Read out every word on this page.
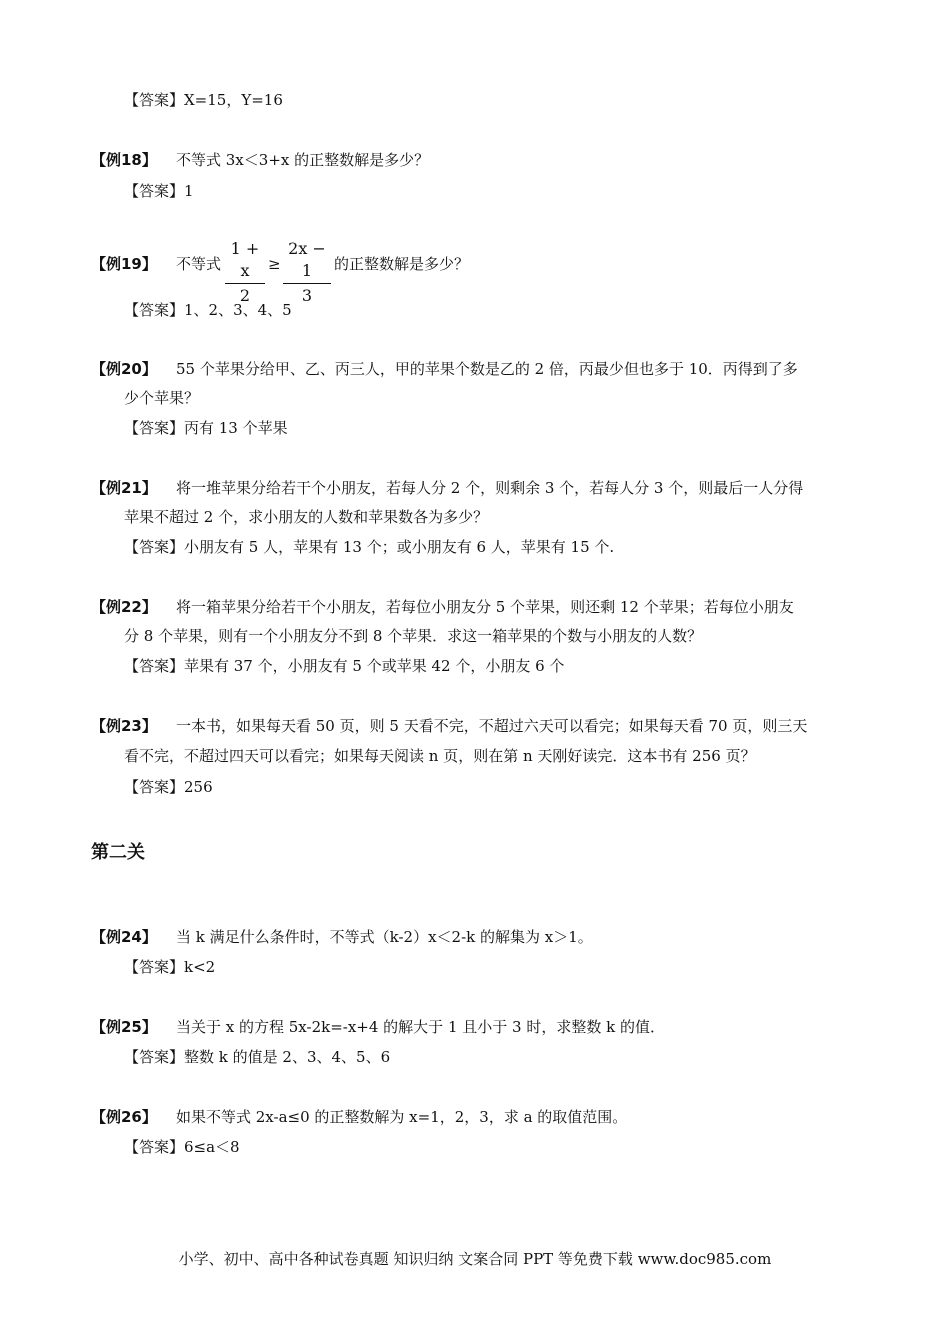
【答案】X=15，Y=16
【例18】 不等式 3x＜3+x 的正整数解是多少？
【答案】1
【例19】 不等式
1 + x
2
≥
2x − 1
3
的正整数解是多少？
【答案】1、2、3、4、5
【例20】 55 个苹果分给甲、乙、丙三人，甲的苹果个数是乙的 2 倍，丙最少但也多于 10．丙得到了多
少个苹果？
【答案】丙有 13 个苹果
【例21】 将一堆苹果分给若干个小朋友，若每人分 2 个，则剩余 3 个，若每人分 3 个，则最后一人分得
苹果不超过 2 个，求小朋友的人数和苹果数各为多少？
【答案】小朋友有 5 人，苹果有 13 个；或小朋友有 6 人，苹果有 15 个.
【例22】 将一箱苹果分给若干个小朋友，若每位小朋友分 5 个苹果，则还剩 12 个苹果；若每位小朋友
分 8 个苹果，则有一个小朋友分不到 8 个苹果．求这一箱苹果的个数与小朋友的人数？
【答案】苹果有 37 个，小朋友有 5 个或苹果 42 个，小朋友 6 个
【例23】 一本书，如果每天看 50 页，则 5 天看不完，不超过六天可以看完；如果每天看 70 页，则三天
看不完，不超过四天可以看完；如果每天阅读 n 页，则在第 n 天刚好读完．这本书有 256 页？
【答案】256
第二关
【例24】 当 k 满足什么条件时，不等式（k-2）x＜2-k 的解集为 x＞1。
【答案】k<2
【例25】 当关于 x 的方程 5x-2k=-x+4 的解大于 1 且小于 3 时，求整数 k 的值．
【答案】整数 k 的值是 2、3、4、5、6
【例26】 如果不等式 2x-a≤0 的正整数解为 x=1，2，3，求 a 的取值范围。
【答案】6≤a＜8
小学、初中、高中各种试卷真题 知识归纳 文案合同 PPT 等免费下载 www.doc985.com
